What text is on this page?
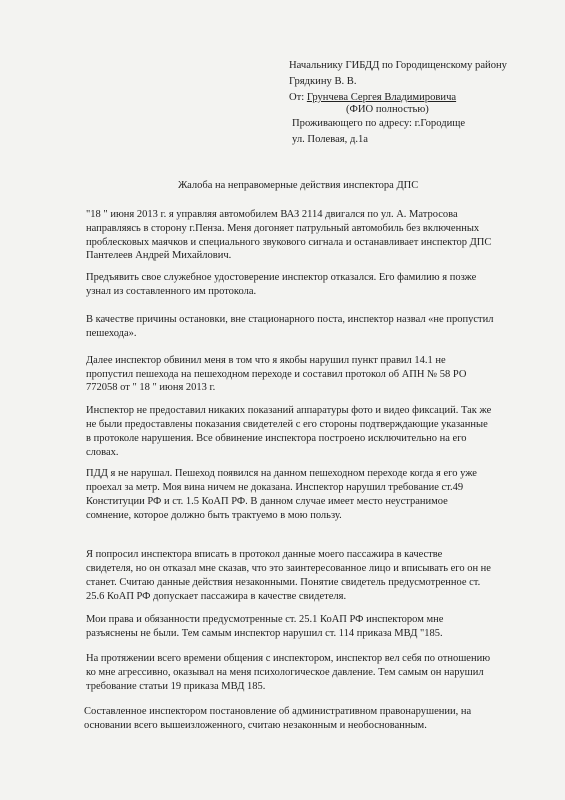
Начальнику ГИБДД по Городищенскому району
Грядкину В. В.
От: Грунчева Сергея Владимировича
(ФИО полностью)
Проживающего по адресу: г.Городище
ул. Полевая, д.1а
Жалоба на неправомерные действия инспектора ДПС
"18 " июня 2013 г. я управляя автомобилем ВАЗ 2114 двигался по ул. А. Матросова
направляясь в сторону г.Пенза. Меня догоняет патрульный автомобиль без включенных
проблесковых маячков и специального звукового сигнала и останавливает инспектор ДПС
Пантелеев Андрей Михайлович.
Предъявить свое служебное удостоверение инспектор отказался. Его фамилию я позже
узнал из составленного им протокола.
В качестве причины остановки, вне стационарного поста, инспектор назвал «не пропустил
пешехода».
Далее инспектор обвинил меня в том что я якобы нарушил пункт правил 14.1 не
пропустил пешехода на пешеходном переходе и составил протокол об АПН № 58 РО
772058 от " 18 " июня 2013 г.
Инспектор не предоставил никаких показаний аппаратуры фото и видео фиксаций. Так же
не были предоставлены показания свидетелей с его стороны подтверждающие указанные
в протоколе нарушения. Все обвинение инспектора построено исключительно на его
словах.
ПДД я не нарушал. Пешеход появился на данном пешеходном переходе когда я его уже
проехал за метр. Моя вина ничем не доказана. Инспектор нарушил требование ст.49
Конституции РФ и ст. 1.5 КоАП РФ. В данном случае имеет место неустранимое
сомнение, которое должно быть трактуемо в мою пользу.
Я попросил инспектора вписать в протокол данные моего пассажира в качестве
свидетеля, но он отказал мне сказав, что это заинтересованное лицо и вписывать его он не
станет. Считаю данные действия незаконными. Понятие свидетель предусмотренное ст.
25.6 КоАП РФ допускает пассажира в качестве свидетеля.
Мои права и обязанности предусмотренные ст. 25.1 КоАП РФ инспектором мне
разъяснены не были. Тем самым инспектор нарушил ст. 114 приказа МВД "185.
На протяжении всего времени общения с инспектором, инспектор вел себя по отношению
ко мне агрессивно, оказывал на меня психологическое давление. Тем самым он нарушил
требование статьи 19 приказа МВД 185.
Составленное инспектором постановление об административном правонарушении, на
основании всего вышеизложенного, считаю незаконным и необоснованным.
